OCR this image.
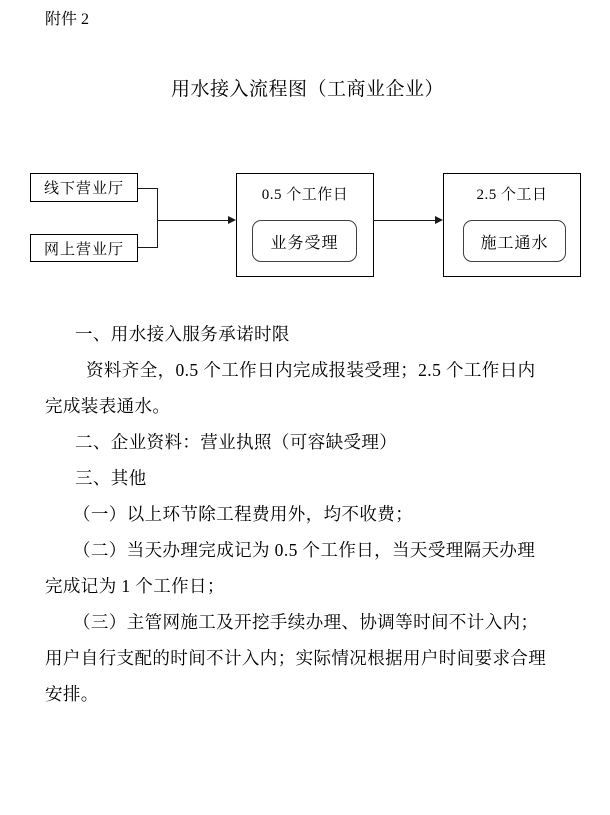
附件 2
用水接入流程图（工商业企业）
线下营业厅
网上营业厅
0.5 个工作日
业务受理
2.5 个工日
施工通水
一、用水接入服务承诺时限
资料齐全，0.5 个工作日内完成报装受理；2.5 个工作日内
完成装表通水。
二、企业资料：营业执照（可容缺受理）
三、其他
（一）以上环节除工程费用外，均不收费；
（二）当天办理完成记为 0.5 个工作日，当天受理隔天办理
完成记为 1 个工作日；
（三）主管网施工及开挖手续办理、协调等时间不计入内；
用户自行支配的时间不计入内；实际情况根据用户时间要求合理
安排。
